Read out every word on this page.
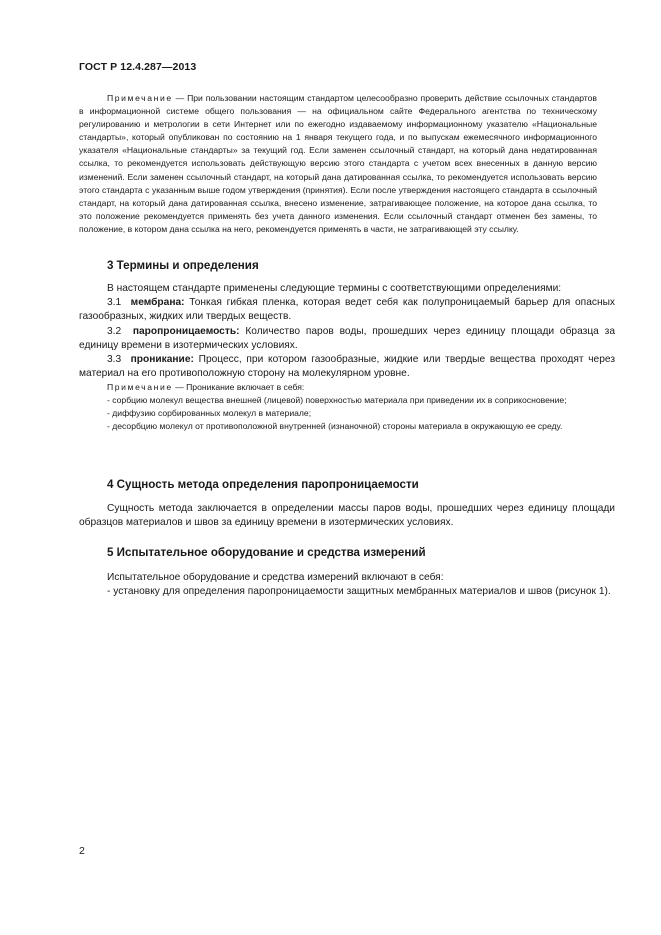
ГОСТ Р 12.4.287—2013

Примечание — При пользовании настоящим стандартом целесообразно проверить действие ссылочных стандартов в информационной системе общего пользования — на официальном сайте Федерального агентства по техническому регулированию и метрологии в сети Интернет или по ежегодно издаваемому информационному указателю «Национальные стандарты», который опубликован по состоянию на 1 января текущего года, и по выпускам ежемесячного информационного указателя «Национальные стандарты» за текущий год. Если заменен ссылочный стандарт, на который дана недатированная ссылка, то рекомендуется использовать действующую версию этого стандарта с учетом всех внесенных в данную версию изменений. Если заменен ссылочный стандарт, на который дана датированная ссылка, то рекомендуется использовать версию этого стандарта с указанным выше годом утверждения (принятия). Если после утверждения настоящего стандарта в ссылочный стандарт, на который дана датированная ссылка, внесено изменение, затрагивающее положение, на которое дана ссылка, то это положение рекомендуется применять без учета данного изменения. Если ссылочный стандарт отменен без замены, то положение, в котором дана ссылка на него, рекомендуется применять в части, не затрагивающей эту ссылку.

3 Термины и определения

В настоящем стандарте применены следующие термины с соответствующими определениями:

3.1 мембрана: Тонкая гибкая пленка, которая ведет себя как полупроницаемый барьер для опасных газообразных, жидких или твердых веществ.

3.2 паропроницаемость: Количество паров воды, прошедших через единицу площади образца за единицу времени в изотермических условиях.

3.3 проникание: Процесс, при котором газообразные, жидкие или твердые вещества проходят через материал на его противоположную сторону на молекулярном уровне.

Примечание — Проникание включает в себя:

- сорбцию молекул вещества внешней (лицевой) поверхностью материала при приведении их в соприкосновение;

- диффузию сорбированных молекул в материале;

- десорбцию молекул от противоположной внутренней (изнаночной) стороны материала в окружающую ее среду.

4 Сущность метода определения паропроницаемости

Сущность метода заключается в определении массы паров воды, прошедших через единицу площади образцов материалов и швов за единицу времени в изотермических условиях.

5 Испытательное оборудование и средства измерений

Испытательное оборудование и средства измерений включают в себя:

- установку для определения паропроницаемости защитных мембранных материалов и швов (рисунок 1).

2
